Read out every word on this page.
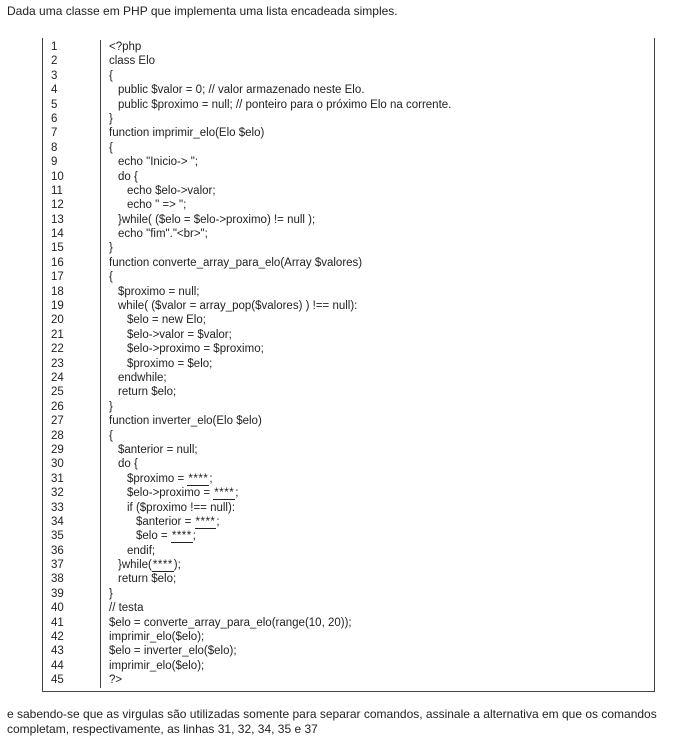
Dada uma classe em PHP que implementa uma lista encadeada simples.

1	<?php
2	class Elo
3	{
4	public $valor = 0; // valor armazenado neste Elo.
5	public $proximo = null; // ponteiro para o próximo Elo na corrente.
6	}
7	function imprimir_elo(Elo $elo)
8	{
9	echo "Inicio-> ";
10	do {
11	echo $elo->valor;
12	echo " => ";
13	}while( ($elo = $elo->proximo) != null );
14	echo "fim"."<br>";
15	}
16	function converte_array_para_elo(Array $valores)
17	{
18	$proximo = null;
19	while( ($valor = array_pop($valores) ) !== null):
20	$elo = new Elo;
21	$elo->valor = $valor;
22	$elo->proximo = $proximo;
23	$proximo = $elo;
24	endwhile;
25	return $elo;
26	}
27	function inverter_elo(Elo $elo)
28	{
29	$anterior = null;
30	do {
31	$proximo = ****;
32	$elo->proximo = ****;
33	if ($proximo !== null):
34	$anterior = ****;
35	$elo = ****;
36	endif;
37	}while(****);
38	return $elo;
39	}
40	// testa
41	$elo = converte_array_para_elo(range(10, 20));
42	imprimir_elo($elo);
43	$elo = inverter_elo($elo);
44	imprimir_elo($elo);
45	?>

e sabendo-se que as virgulas são utilizadas somente para separar comandos, assinale a alternativa em que os comandos
completam, respectivamente, as linhas 31, 32, 34, 35 e 37
